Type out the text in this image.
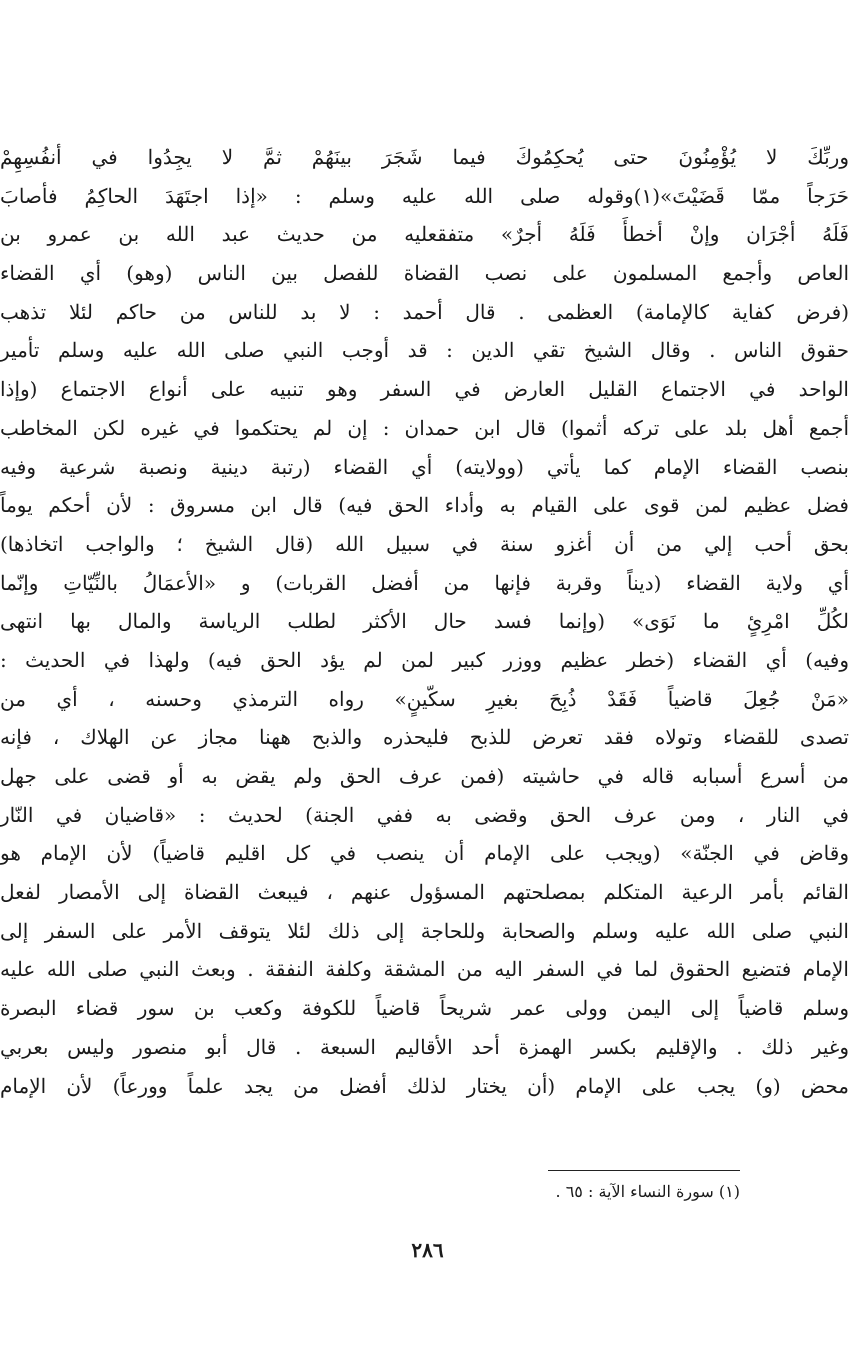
وربِّكَ لا يُؤْمِنُونَ حتى يُحكِمُوكَ فيما شَجَرَ بينَهُمْ ثمَّ لا يجِدُوا في أنفُسِهِمْ
حَرَجاً ممّا قَضَيْتَ»(١)وقوله صلى الله عليه وسلم : «إذا اجتَهَدَ الحاكِمُ فأصابَ
فَلَهُ أجْرَان وإنْ أخطأَ فَلَهُ أجرٌ» متفقعليه من حديث عبد الله بن عمرو بن
العاص وأجمع المسلمون على نصب القضاة للفصل بين الناس (وهو) أي القضاء
(فرض كفاية كالإمامة) العظمى . قال أحمد : لا بد للناس من حاكم لئلا تذهب
حقوق الناس . وقال الشيخ تقي الدين : قد أوجب النبي صلى الله عليه وسلم تأمير
الواحد في الاجتماع القليل العارض في السفر وهو تنبيه على أنواع الاجتماع (وإذا
أجمع أهل بلد على تركه أثموا) قال ابن حمدان : إن لم يحتكموا في غيره لكن المخاطب
بنصب القضاء الإمام كما يأتي (وولايته) أي القضاء (رتبة دينية ونصبة شرعية وفيه
فضل عظيم لمن قوى على القيام به وأداء الحق فيه) قال ابن مسروق : لأن أحكم يوماً
بحق أحب إلي من أن أغزو سنة في سبيل الله (قال الشيخ ؛ والواجب اتخاذها)
أي ولاية القضاء (ديناً وقربة فإنها من أفضل القربات) و «الأعمَالُ بالنِّيّاتِ وإنّما
لكُلِّ امْرِئٍ ما نَوَى» (وإنما فسد حال الأكثر لطلب الرياسة والمال بها انتهى
وفيه) أي القضاء (خطر عظيم ووزر كبير لمن لم يؤد الحق فيه) ولهذا في الحديث :
«مَنْ جُعِلَ قاضياً فَقَدْ ذُبِحَ بغيرِ سكّينٍ» رواه الترمذي وحسنه ، أي من
تصدى للقضاء وتولاه فقد تعرض للذبح فليحذره والذبح ههنا مجاز عن الهلاك ، فإنه
من أسرع أسبابه قاله في حاشيته (فمن عرف الحق ولم يقض به أو قضى على جهل
في النار ، ومن عرف الحق وقضى به ففي الجنة) لحديث : «قاضيان في النّار
وقاض في الجنّة» (ويجب على الإمام أن ينصب في كل اقليم قاضياً) لأن الإمام هو
القائم بأمر الرعية المتكلم بمصلحتهم المسؤول عنهم ، فيبعث القضاة إلى الأمصار لفعل
النبي صلى الله عليه وسلم والصحابة وللحاجة إلى ذلك لئلا يتوقف الأمر على السفر إلى
الإمام فتضيع الحقوق لما في السفر اليه من المشقة وكلفة النفقة . وبعث النبي صلى الله عليه
وسلم قاضياً إلى اليمن وولى عمر شريحاً قاضياً للكوفة وكعب بن سور قضاء البصرة
وغير ذلك . والإقليم بكسر الهمزة أحد الأقاليم السبعة . قال أبو منصور وليس بعربي
محض (و) يجب على الإمام (أن يختار لذلك أفضل من يجد علماً وورعاً) لأن الإمام
(١) سورة النساء الآية : ٦٥ .
٢٨٦
